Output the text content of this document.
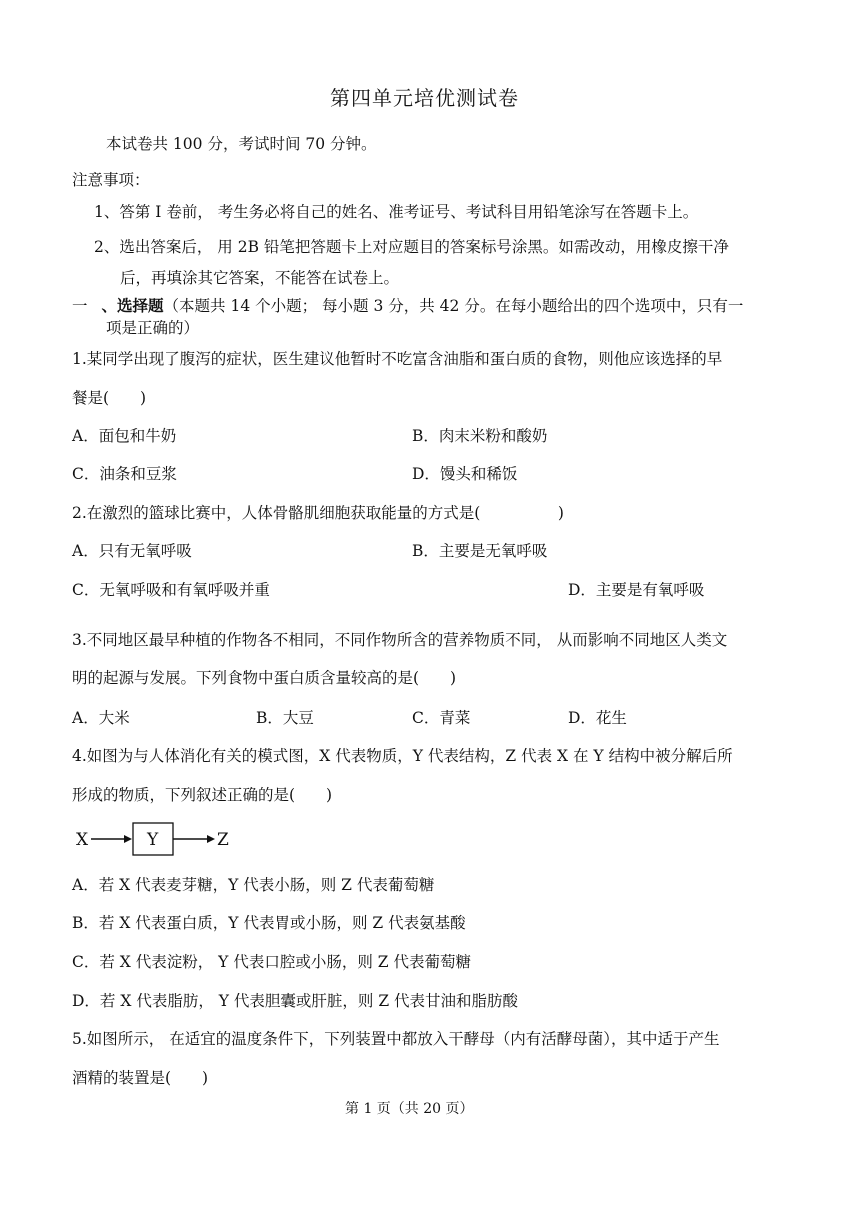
第四单元培优测试卷
本试卷共 100 分，考试时间 70 分钟。
注意事项：
1、答第 I 卷前， 考生务必将自己的姓名、准考证号、考试科目用铅笔涂写在答题卡上。
2、选出答案后， 用 2B 铅笔把答题卡上对应题目的答案标号涂黑。如需改动，用橡皮擦干净
后，再填涂其它答案，不能答在试卷上。
一 、选择题（本题共 14 个小题； 每小题 3 分，共 42 分。在每小题给出的四个选项中，只有一
项是正确的）
1.某同学出现了腹泻的症状，医生建议他暂时不吃富含油脂和蛋白质的食物，则他应该选择的早
餐是(　　)
A．面包和牛奶	B．肉末米粉和酸奶
C．油条和豆浆	D．馒头和稀饭
2.在激烈的篮球比赛中，人体骨骼肌细胞获取能量的方式是(　　　　　)
A．只有无氧呼吸	B．主要是无氧呼吸
C．无氧呼吸和有氧呼吸并重	D．主要是有氧呼吸
3.不同地区最早种植的作物各不相同，不同作物所含的营养物质不同， 从而影响不同地区人类文
明的起源与发展。下列食物中蛋白质含量较高的是(　　)
A．大米	B．大豆	C．青菜	D．花生
4.如图为与人体消化有关的模式图，X 代表物质，Y 代表结构，Z 代表 X 在 Y 结构中被分解后所
形成的物质，下列叙述正确的是(　　)
X	Y	Z
A．若 X 代表麦芽糖，Y 代表小肠，则 Z 代表葡萄糖
B．若 X 代表蛋白质，Y 代表胃或小肠，则 Z 代表氨基酸
C．若 X 代表淀粉， Y 代表口腔或小肠，则 Z 代表葡萄糖
D．若 X 代表脂肪， Y 代表胆囊或肝脏，则 Z 代表甘油和脂肪酸
5.如图所示， 在适宜的温度条件下，下列装置中都放入干酵母（内有活酵母菌），其中适于产生
酒精的装置是(　　)
第 1 页（共 20 页）
